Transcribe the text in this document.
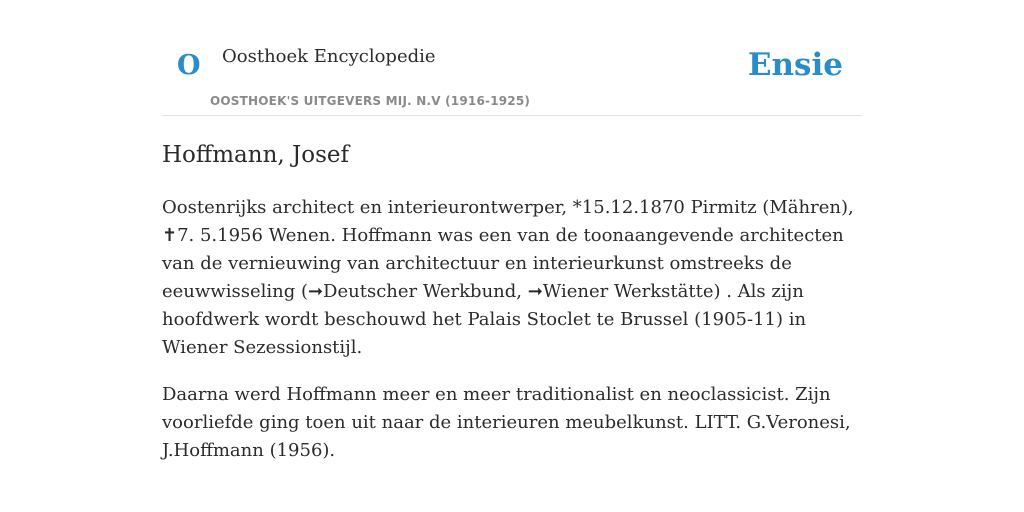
O Oosthoek Encyclopedie
OOSTHOEK'S UITGEVERS MIJ. N.V (1916-1925)
Ensie
Hoffmann, Josef

Oostenrijks architect en interieurontwerper, *15.12.1870 Pirmitz (Mähren), ✝7. 5.1956 Wenen. Hoffmann was een van de toonaangevende architecten van de vernieuwing van architectuur en interieurkunst omstreeks de eeuwwisseling (➞Deutscher Werkbund, ➞Wiener Werkstätte) . Als zijn hoofdwerk wordt beschouwd het Palais Stoclet te Brussel (1905-11) in Wiener Sezessionstijl.

Daarna werd Hoffmann meer en meer traditionalist en neoclassicist. Zijn voorliefde ging toen uit naar de interieuren meubelkunst. LITT. G.Veronesi, J.Hoffmann (1956).
